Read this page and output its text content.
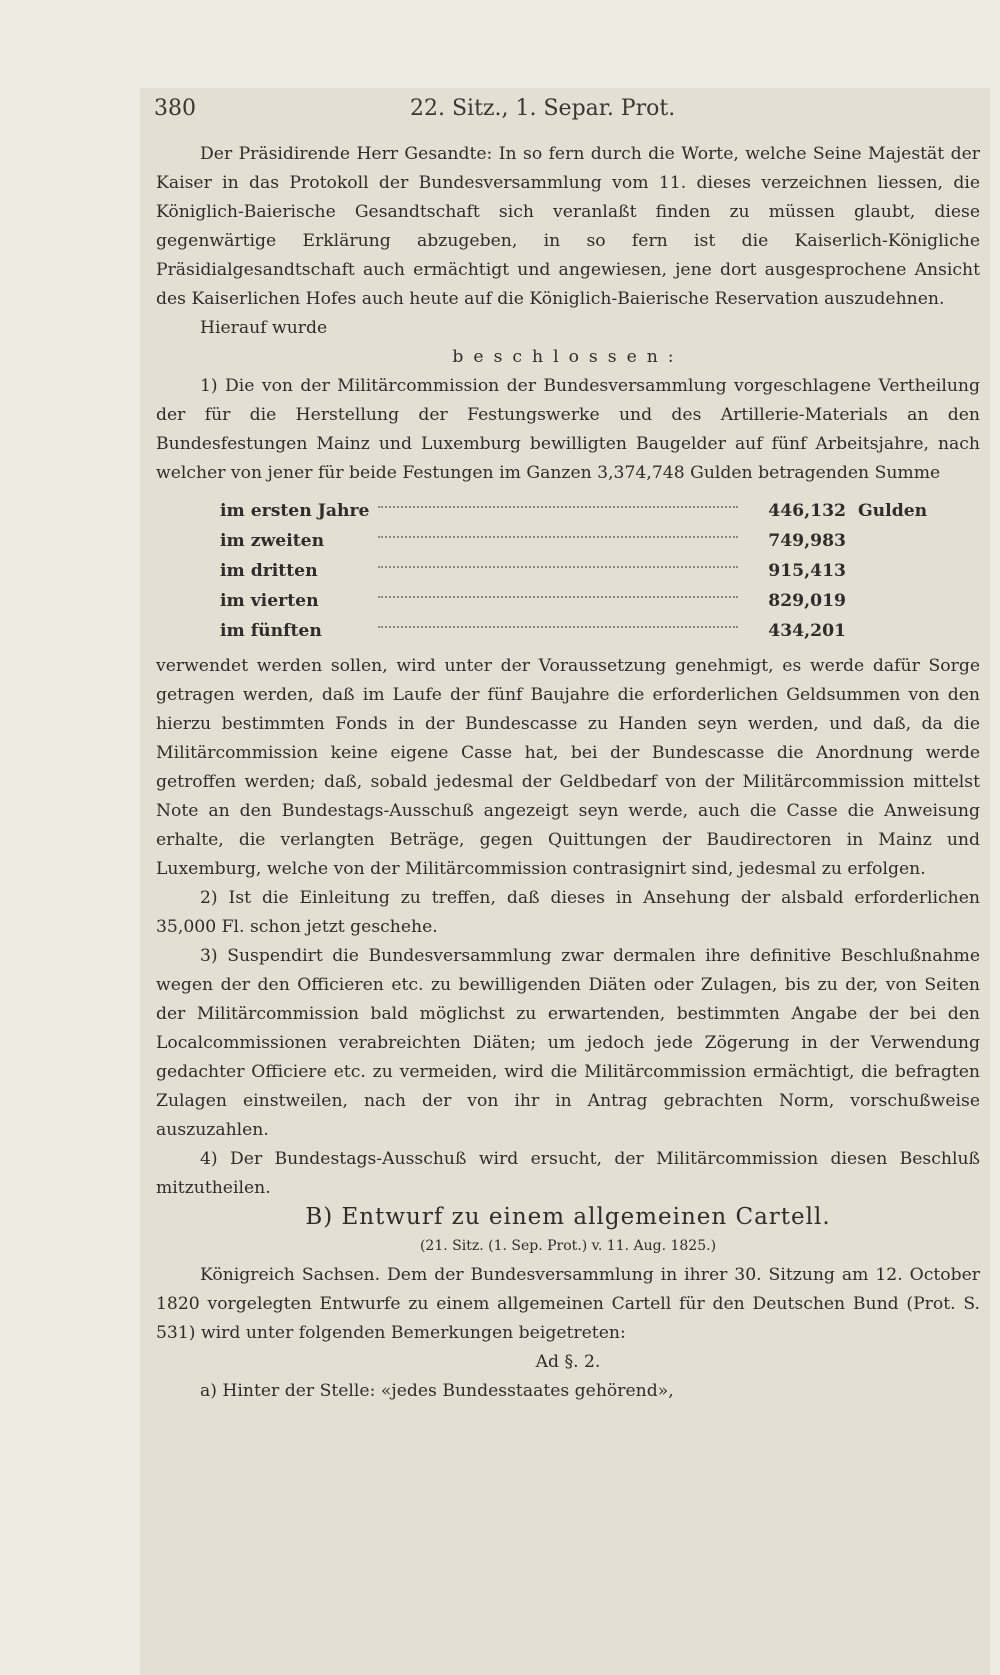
380	22. Sitz., 1. Separ. Prot.

Der Präsidirende Herr Gesandte: In so fern durch die Worte, welche Seine Majestät der Kaiser in das Protokoll der Bundesversammlung vom 11. dieses verzeichnen liessen, die Königlich-Baierische Gesandtschaft sich veranlaßt finden zu müssen glaubt, diese gegenwärtige Erklärung abzugeben, in so fern ist die Kaiserlich-Königliche Präsidialgesandtschaft auch ermächtigt und angewiesen, jene dort ausgesprochene Ansicht des Kaiserlichen Hofes auch heute auf die Königlich-Baierische Reservation auszudehnen.

Hierauf wurde

beschlossen:

1) Die von der Militärcommission der Bundesversammlung vorgeschlagene Vertheilung der für die Herstellung der Festungswerke und des Artillerie-Materials an den Bundesfestungen Mainz und Luxemburg bewilligten Baugelder auf fünf Arbeitsjahre, nach welcher von jener für beide Festungen im Ganzen 3,374,748 Gulden betragenden Summe

im ersten Jahre	446,132 Gulden
im zweiten	749,983
im dritten	915,413
im vierten	829,019
im fünften	434,201

verwendet werden sollen, wird unter der Voraussetzung genehmigt, es werde dafür Sorge getragen werden, daß im Laufe der fünf Baujahre die erforderlichen Geldsummen von den hierzu bestimmten Fonds in der Bundescasse zu Handen seyn werden, und daß, da die Militärcommission keine eigene Casse hat, bei der Bundescasse die Anordnung werde getroffen werden; daß, sobald jedesmal der Geldbedarf von der Militärcommission mittelst Note an den Bundestags-Ausschuß angezeigt seyn werde, auch die Casse die Anweisung erhalte, die verlangten Beträge, gegen Quittungen der Baudirectoren in Mainz und Luxemburg, welche von der Militärcommission contrasignirt sind, jedesmal zu erfolgen.

2) Ist die Einleitung zu treffen, daß dieses in Ansehung der alsbald erforderlichen 35,000 Fl. schon jetzt geschehe.

3) Suspendirt die Bundesversammlung zwar dermalen ihre definitive Beschlußnahme wegen der den Officieren etc. zu bewilligenden Diäten oder Zulagen, bis zu der, von Seiten der Militärcommission bald möglichst zu erwartenden, bestimmten Angabe der bei den Localcommissionen verabreichten Diäten; um jedoch jede Zögerung in der Verwendung gedachter Officiere etc. zu vermeiden, wird die Militärcommission ermächtigt, die befragten Zulagen einstweilen, nach der von ihr in Antrag gebrachten Norm, vorschußweise auszuzahlen.

4) Der Bundestags-Ausschuß wird ersucht, der Militärcommission diesen Beschluß mitzutheilen.

B) Entwurf zu einem allgemeinen Cartell.

(21. Sitz. (1. Sep. Prot.) v. 11. Aug. 1825.)

Königreich Sachsen. Dem der Bundesversammlung in ihrer 30. Sitzung am 12. October 1820 vorgelegten Entwurfe zu einem allgemeinen Cartell für den Deutschen Bund (Prot. S. 531) wird unter folgenden Bemerkungen beigetreten:

Ad §. 2.

a) Hinter der Stelle: «jedes Bundesstaates gehörend»,
